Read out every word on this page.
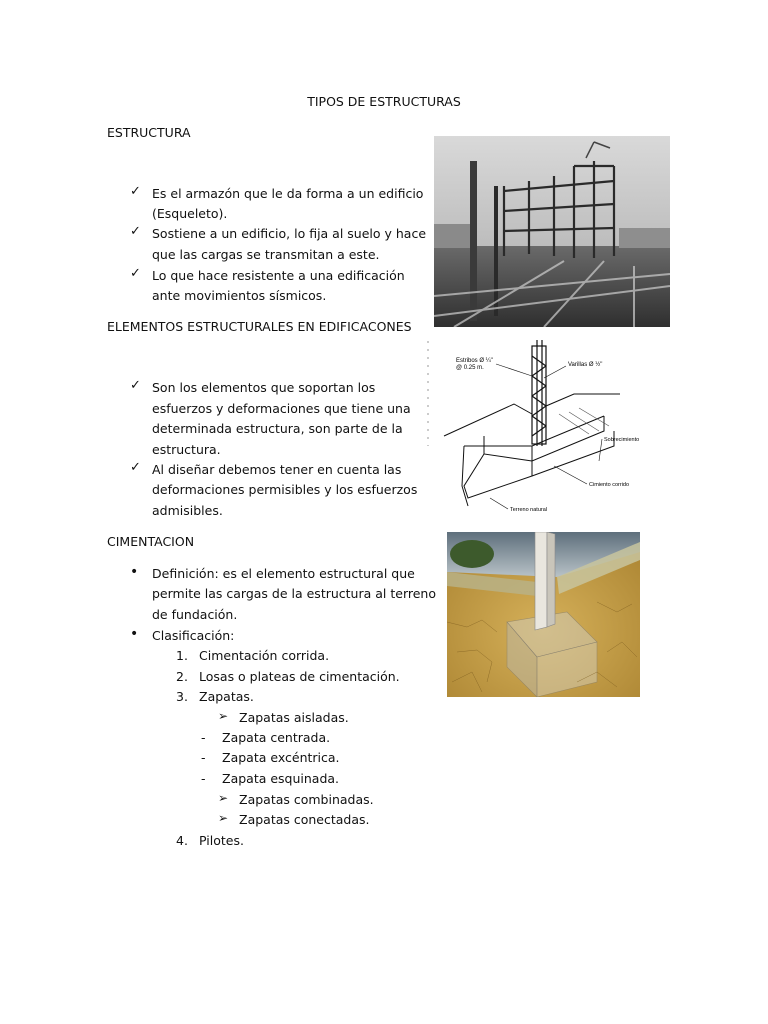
TIPOS DE ESTRUCTURAS
ESTRUCTURA
✓ Es el armazón que le da forma a un edificio
(Esqueleto).
✓ Sostiene a un edificio, lo fija al suelo y hace
que las cargas se transmitan a este.
✓ Lo que hace resistente a una edificación
ante movimientos sísmicos.
ELEMENTOS ESTRUCTURALES EN EDIFICACONES
✓ Son los elementos que soportan los
esfuerzos y deformaciones que tiene una
determinada estructura, son parte de la
estructura.
✓ Al diseñar debemos tener en cuenta las
deformaciones permisibles y los esfuerzos
admisibles.
Estribos Ø ¼"
@ 0.25 m.	Varillas Ø ½"
Sobrecimiento
Cimiento corrido
Terreno natural
CIMENTACION
• Definición: es el elemento estructural que
permite las cargas de la estructura al terreno
de fundación.
• Clasificación:
1. Cimentación corrida.
2. Losas o plateas de cimentación.
3. Zapatas.
➢ Zapatas aisladas.
- Zapata centrada.
- Zapata excéntrica.
- Zapata esquinada.
➢ Zapatas combinadas.
➢ Zapatas conectadas.
4. Pilotes.
